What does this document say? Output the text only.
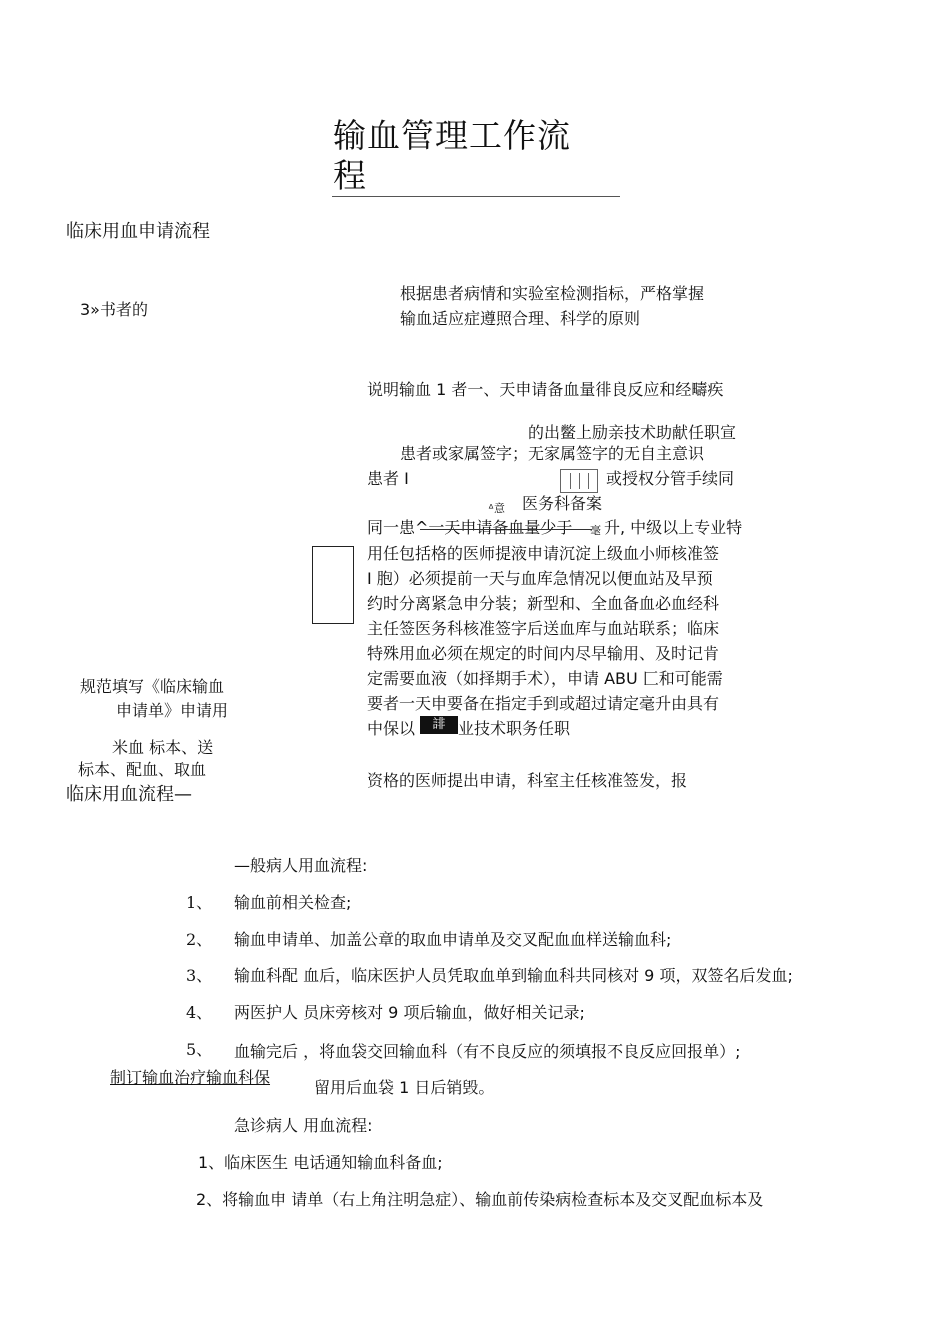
输血管理工作流
程
临床用血申请流程
3»书者的
规范填写《临床输血
申请单》申请用
米血 标本、送
标本、配血、取血
临床用血流程—
制订输血治疗输血科保
根据患者病情和实验室检测指标，严格掌握
输血适应症遵照合理、科学的原则
说明输血 1 者一、天申请备血量徘良反应和经疇疾
的出鳖上励亲技术助献任职宣
患者或家属签字；无家属签字的无自主意识
患者 I	或授权分管手续同
ᐞ意 医务科备案
同一患^一天申请备血量少于 毫 升, 中级以上专业特
用任包括格的医师提液申请沉淀上级血小师核准签
I 胞）必须提前一天与血库急情况以便血站及早预
约时分离紧急申分装；新型和、全血备血必血经科
主任签医务科核准签字后送血库与血站联系；临床
特殊用血必须在规定的时间内尽早输用、及时记肯
定需要血液（如择期手术），申请 ABU 匚和可能需
要者一天申要备在指定手到或超过请定毫升由具有
中保以	誹 业技术职务任职
资格的医师提出申请，科室主任核准签发，报
—般病人用血流程:
1、 输血前相关检查;
2、 输血申请单、加盖公章的取血申请单及交叉配血血样送输血科;
3、 输血科配 血后，临床医护人员凭取血单到输血科共同核对 9 项，双签名后发血;
4、 两医护人 员床旁核对 9 项后输血，做好相关记录;
5、 血输完后 ，将血袋交回输血科（有不良反应的须填报不良反应回报单）;
留用后血袋 1 日后销毁。
急诊病人 用血流程:
1、临床医生 电话通知输血科备血;
2、将输血申 请单（右上角注明急症）、输血前传染病检查标本及交叉配血标本及
